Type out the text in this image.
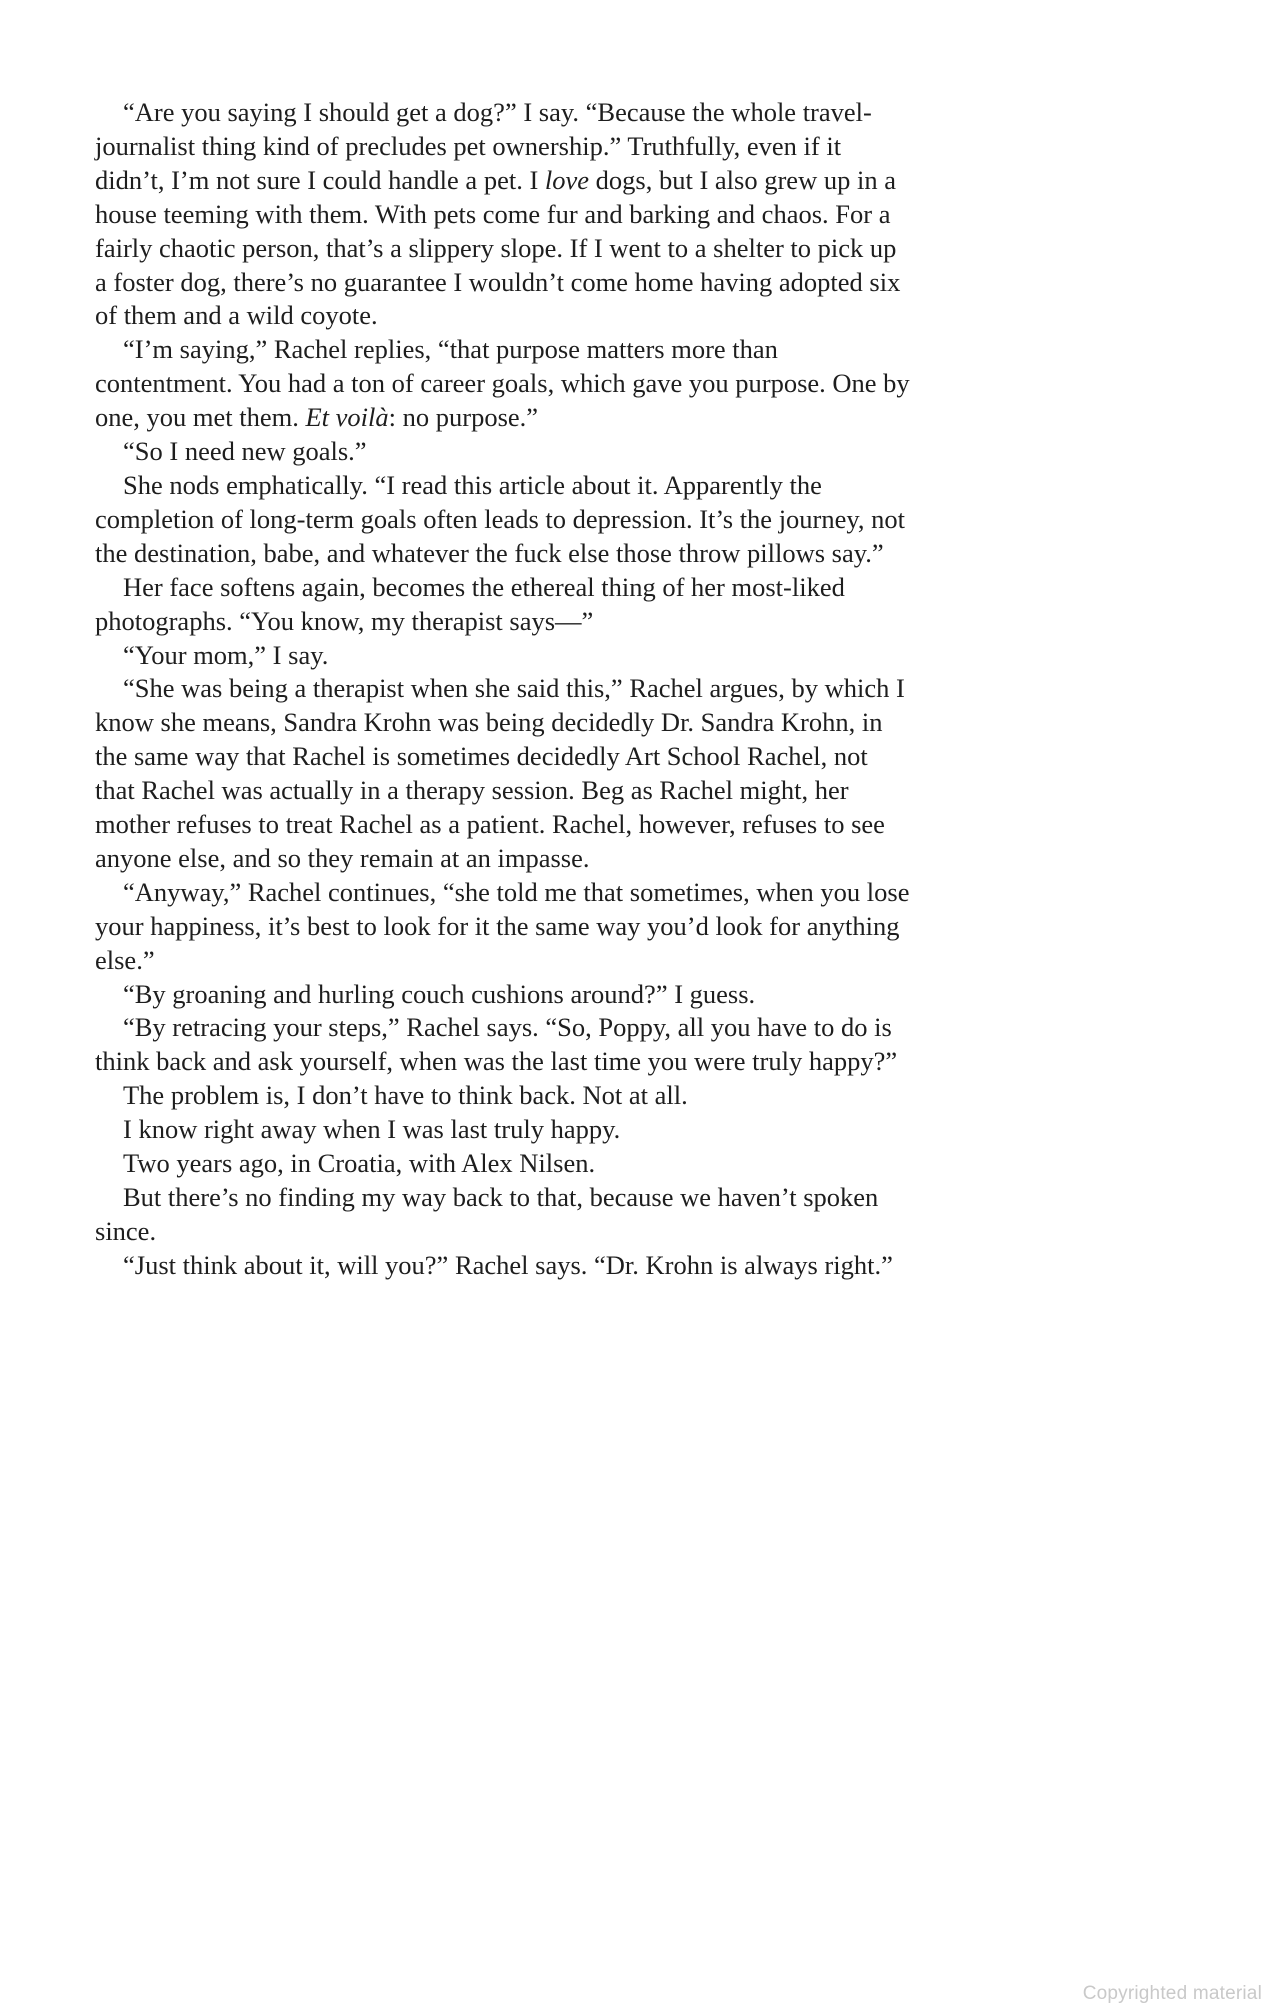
“Are you saying I should get a dog?” I say. “Because the whole travel-journalist thing kind of precludes pet ownership.” Truthfully, even if it didn’t, I’m not sure I could handle a pet. I love dogs, but I also grew up in a house teeming with them. With pets come fur and barking and chaos. For a fairly chaotic person, that’s a slippery slope. If I went to a shelter to pick up a foster dog, there’s no guarantee I wouldn’t come home having adopted six of them and a wild coyote.

“I’m saying,” Rachel replies, “that purpose matters more than contentment. You had a ton of career goals, which gave you purpose. One by one, you met them. Et voilà: no purpose.”

“So I need new goals.”

She nods emphatically. “I read this article about it. Apparently the completion of long-term goals often leads to depression. It’s the journey, not the destination, babe, and whatever the fuck else those throw pillows say.”

Her face softens again, becomes the ethereal thing of her most-liked photographs. “You know, my therapist says—”

“Your mom,” I say.

“She was being a therapist when she said this,” Rachel argues, by which I know she means, Sandra Krohn was being decidedly Dr. Sandra Krohn, in the same way that Rachel is sometimes decidedly Art School Rachel, not that Rachel was actually in a therapy session. Beg as Rachel might, her mother refuses to treat Rachel as a patient. Rachel, however, refuses to see anyone else, and so they remain at an impasse.

“Anyway,” Rachel continues, “she told me that sometimes, when you lose your happiness, it’s best to look for it the same way you’d look for anything else.”

“By groaning and hurling couch cushions around?” I guess.

“By retracing your steps,” Rachel says. “So, Poppy, all you have to do is think back and ask yourself, when was the last time you were truly happy?”

The problem is, I don’t have to think back. Not at all.

I know right away when I was last truly happy.

Two years ago, in Croatia, with Alex Nilsen.

But there’s no finding my way back to that, because we haven’t spoken since.

“Just think about it, will you?” Rachel says. “Dr. Krohn is always right.”

Copyrighted material
